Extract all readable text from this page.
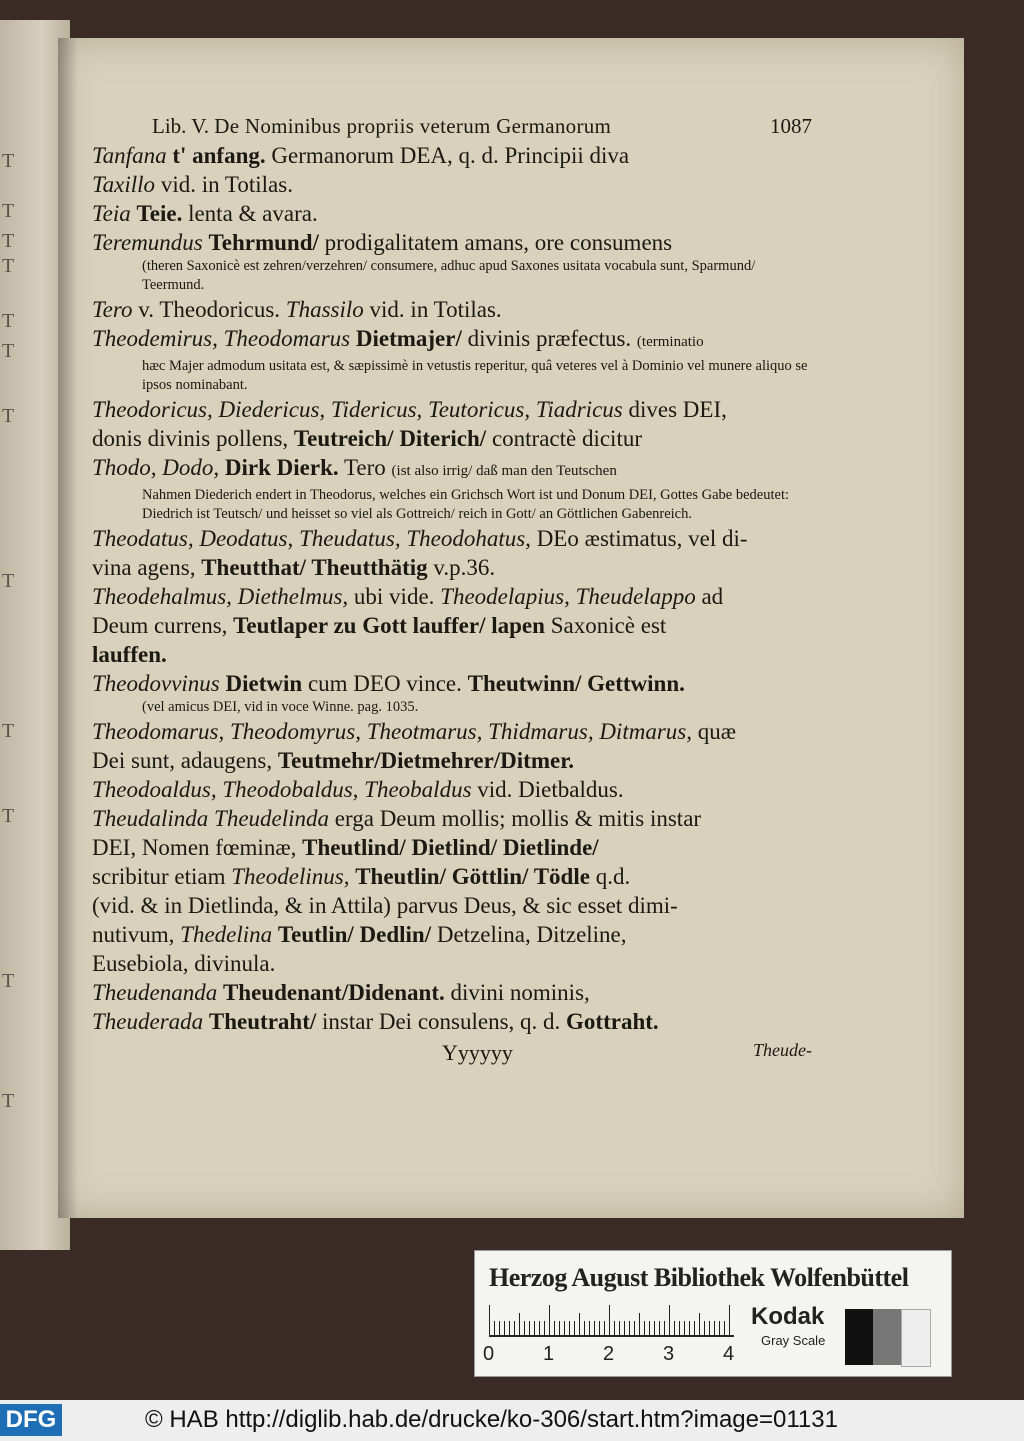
T
T
T
T
T
T
T
T
T
T
T
T
Lib. V. De Nominibus propriis veterum Germanorum	1087
Tanfana t' anfang. Germanorum DEA, q. d. Principii diva
Taxillo vid. in Totilas.
Teia Teie. lenta & avara.
Teremundus Tehrmund/ prodigalitatem amans, ore consumens
(theren Saxonicè est zehren/verzehren/ consumere, adhuc apud Saxones usitata vocabula sunt, Sparmund/ Teermund.
Tero v. Theodoricus. Thassilo vid. in Totilas.
Theodemirus, Theodomarus Dietmajer/ divinis præfectus. (terminatio
hæc Majer admodum usitata est, & sæpissimè in vetustis reperitur, quâ veteres vel à Dominio vel munere aliquo se ipsos nominabant.
Theodoricus, Diedericus, Tidericus, Teutoricus, Tiadricus dives DEI,
donis divinis pollens, Teutreich/ Diterich/ contractè dicitur
Thodo, Dodo, Dirk Dierk. Tero (ist also irrig/ daß man den Teutschen
Nahmen Diederich endert in Theodorus, welches ein Grichsch Wort ist und Donum DEI, Gottes Gabe bedeutet: Diedrich ist Teutsch/ und heisset so viel als Gottreich/ reich in Gott/ an Göttlichen Gabenreich.
Theodatus, Deodatus, Theudatus, Theodohatus, DEo æstimatus, vel di-
vina agens, Theutthat/ Theutthätig v.p.36.
Theodehalmus, Diethelmus, ubi vide. Theodelapius, Theudelappo ad
Deum currens, Teutlaper zu Gott lauffer/ lapen Saxonicè est
lauffen.
Theodovvinus Dietwin cum DEO vince. Theutwinn/ Gettwinn.
(vel amicus DEI, vid in voce Winne. pag. 1035.
Theodomarus, Theodomyrus, Theotmarus, Thidmarus, Ditmarus, quæ
Dei sunt, adaugens, Teutmehr/Dietmehrer/Ditmer.
Theodoaldus, Theodobaldus, Theobaldus vid. Dietbaldus.
Theudalinda Theudelinda erga Deum mollis; mollis & mitis instar
DEI, Nomen fœminæ, Theutlind/ Dietlind/ Dietlinde/
scribitur etiam Theodelinus, Theutlin/ Göttlin/ Tödle q.d.
(vid. & in Dietlinda, & in Attila) parvus Deus, & sic esset dimi-
nutivum, Thedelina Teutlin/ Dedlin/ Detzelina, Ditzeline,
Eusebiola, divinula.
Theudenanda Theudenant/Didenant. divini nominis,
Theuderada Theutraht/ instar Dei consulens, q. d. Gottraht.
Yyyyyy	Theude-
Herzog August Bibliothek Wolfenbüttel
0 1 2 3 4
Kodak
Gray Scale
DFG	© HAB http://diglib.hab.de/drucke/ko-306/start.htm?image=01131
